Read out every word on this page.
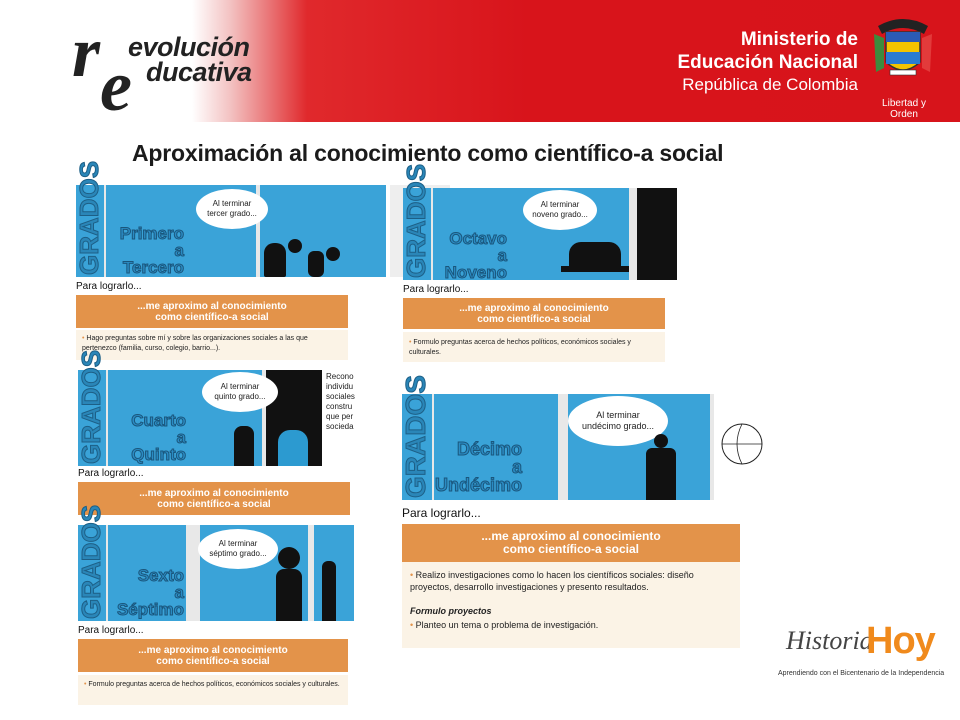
r e
evolución
ducativa
Ministerio de
Educación Nacional
República de Colombia
Libertad y Orden
Aproximación al conocimiento como científico-a social
GRADOS Primero
a
Tercero
Al terminar
tercer grado...
Para lograrlo...
...me aproximo al conocimiento
como científico-a social
• Hago preguntas sobre mí y sobre las organizaciones sociales a las que pertenezco (familia, curso, colegio, barrio...).
GRADOS	Octavo
a
Noveno
Al terminar
noveno grado...
Para lograrlo...
...me aproximo al conocimiento
como científico-a social
• Formulo preguntas acerca de hechos políticos, económicos sociales y culturales.
GRADOS	Cuarto
a
Quinto
Al terminar
quinto grado...
Recono
individu
sociales
constru
que per
socieda
Para lograrlo...
...me aproximo al conocimiento
como científico-a social
GRADOS	Décimo
a
Undécimo
Al terminar
undécimo grado...
Para lograrlo...
...me aproximo al conocimiento
como científico-a social
• Realizo investigaciones como lo hacen los científicos sociales: diseño proyectos, desarrollo investigaciones y presento resultados.
Formulo proyectos
• Planteo un tema o problema de investigación.
GRADOS	Sexto
a
Séptimo
Al terminar
séptimo grado...
Para lograrlo...
...me aproximo al conocimiento
como científico-a social
• Formulo preguntas acerca de hechos políticos, económicos sociales y culturales.
Historia
Hoy
Aprendiendo con el Bicentenario de la Independencia
